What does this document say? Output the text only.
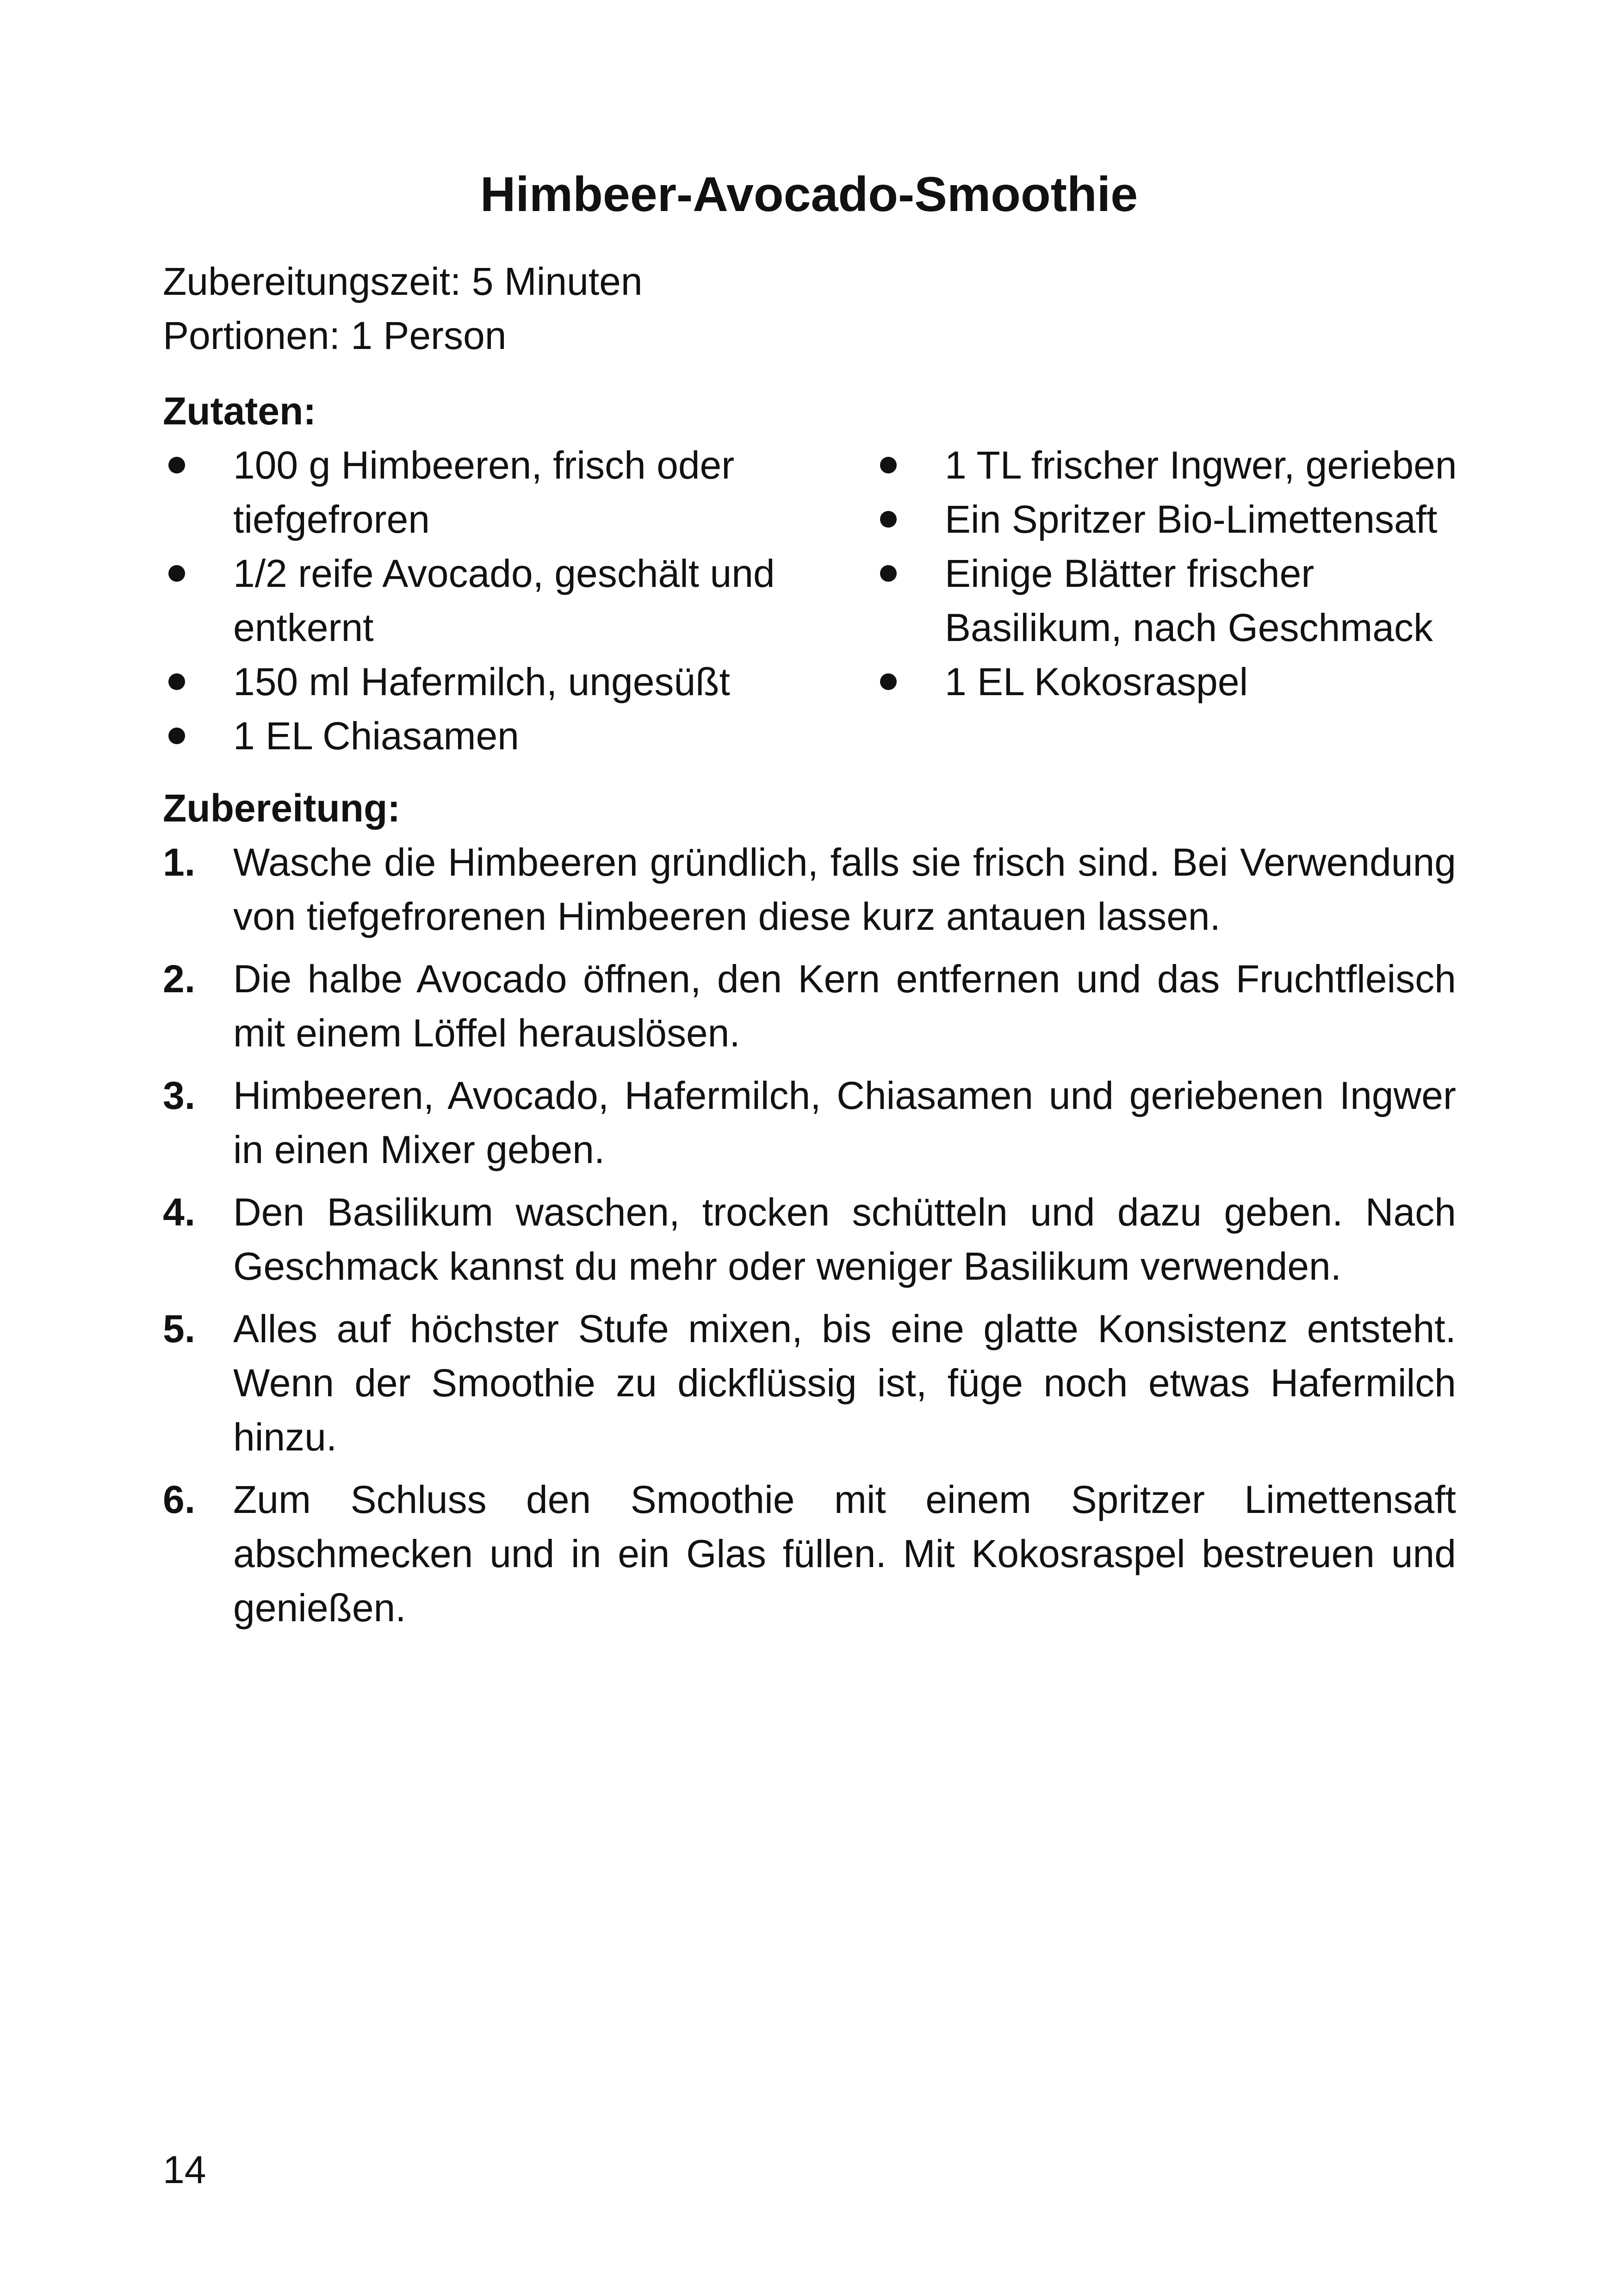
Himbeer-Avocado-Smoothie
Zubereitungszeit: 5 Minuten
Portionen: 1 Person
Zutaten:
100 g Himbeeren, frisch oder tiefgefroren
1/2 reife Avocado, geschält und entkernt
150 ml Hafermilch, ungesüßt
1 EL Chiasamen
1 TL frischer Ingwer, gerieben
Ein Spritzer Bio-Limettensaft
Einige Blätter frischer Basilikum, nach Geschmack
1 EL Kokosraspel
Zubereitung:
1. Wasche die Himbeeren gründlich, falls sie frisch sind. Bei Verwendung von tiefgefrorenen Himbeeren diese kurz antauen lassen.
2. Die halbe Avocado öffnen, den Kern entfernen und das Fruchtfleisch mit einem Löffel herauslösen.
3. Himbeeren, Avocado, Hafermilch, Chiasamen und geriebenen Ingwer in einen Mixer geben.
4. Den Basilikum waschen, trocken schütteln und dazu geben. Nach Geschmack kannst du mehr oder weniger Basilikum verwenden.
5. Alles auf höchster Stufe mixen, bis eine glatte Konsistenz entsteht. Wenn der Smoothie zu dickflüssig ist, füge noch etwas Hafermilch hinzu.
6. Zum Schluss den Smoothie mit einem Spritzer Limettensaft abschmecken und in ein Glas füllen. Mit Kokosraspel bestreuen und genießen.
14
